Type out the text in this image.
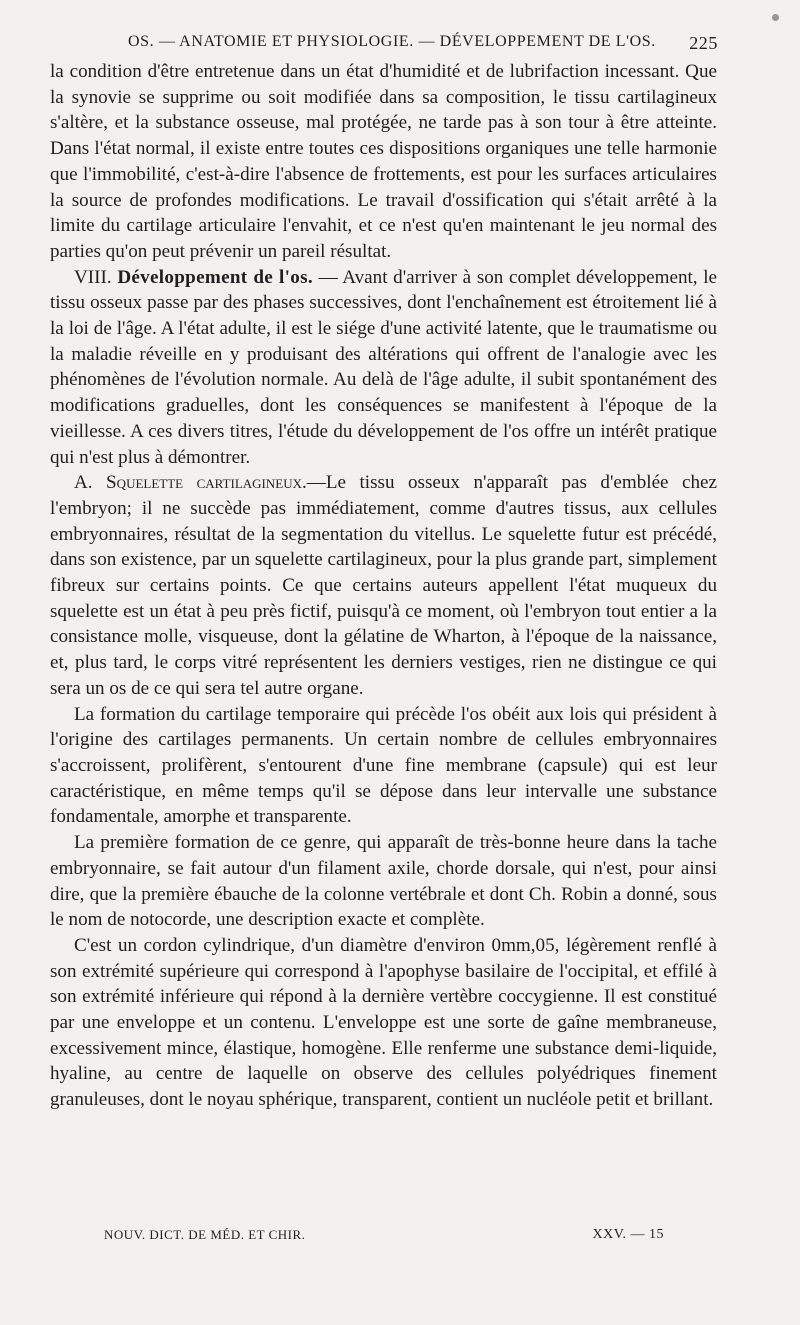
OS. — ANATOMIE ET PHYSIOLOGIE. — DÉVELOPPEMENT DE L'OS. 225

la condition d'être entretenue dans un état d'humidité et de lubrifaction incessant. Que la synovie se supprime ou soit modifiée dans sa composition, le tissu cartilagineux s'altère, et la substance osseuse, mal protégée, ne tarde pas à son tour à être atteinte. Dans l'état normal, il existe entre toutes ces dispositions organiques une telle harmonie que l'immobilité, c'est-à-dire l'absence de frottements, est pour les surfaces articulaires la source de profondes modifications. Le travail d'ossification qui s'était arrêté à la limite du cartilage articulaire l'envahit, et ce n'est qu'en maintenant le jeu normal des parties qu'on peut prévenir un pareil résultat.

VIII. Développement de l'os. — Avant d'arriver à son complet développement, le tissu osseux passe par des phases successives, dont l'enchaînement est étroitement lié à la loi de l'âge. A l'état adulte, il est le siége d'une activité latente, que le traumatisme ou la maladie réveille en y produisant des altérations qui offrent de l'analogie avec les phénomènes de l'évolution normale. Au delà de l'âge adulte, il subit spontanément des modifications graduelles, dont les conséquences se manifestent à l'époque de la vieillesse. A ces divers titres, l'étude du développement de l'os offre un intérêt pratique qui n'est plus à démontrer.

A. Squelette cartilagineux.—Le tissu osseux n'apparaît pas d'emblée chez l'embryon; il ne succède pas immédiatement, comme d'autres tissus, aux cellules embryonnaires, résultat de la segmentation du vitellus. Le squelette futur est précédé, dans son existence, par un squelette cartilagineux, pour la plus grande part, simplement fibreux sur certains points. Ce que certains auteurs appellent l'état muqueux du squelette est un état à peu près fictif, puisqu'à ce moment, où l'embryon tout entier a la consistance molle, visqueuse, dont la gélatine de Wharton, à l'époque de la naissance, et, plus tard, le corps vitré représentent les derniers vestiges, rien ne distingue ce qui sera un os de ce qui sera tel autre organe.

La formation du cartilage temporaire qui précède l'os obéit aux lois qui président à l'origine des cartilages permanents. Un certain nombre de cellules embryonnaires s'accroissent, prolifèrent, s'entourent d'une fine membrane (capsule) qui est leur caractéristique, en même temps qu'il se dépose dans leur intervalle une substance fondamentale, amorphe et transparente.

La première formation de ce genre, qui apparaît de très-bonne heure dans la tache embryonnaire, se fait autour d'un filament axile, chorde dorsale, qui n'est, pour ainsi dire, que la première ébauche de la colonne vertébrale et dont Ch. Robin a donné, sous le nom de notocorde, une description exacte et complète.

C'est un cordon cylindrique, d'un diamètre d'environ 0mm,05, légèrement renflé à son extrémité supérieure qui correspond à l'apophyse basilaire de l'occipital, et effilé à son extrémité inférieure qui répond à la dernière vertèbre coccygienne. Il est constitué par une enveloppe et un contenu. L'enveloppe est une sorte de gaîne membraneuse, excessivement mince, élastique, homogène. Elle renferme une substance demi-liquide, hyaline, au centre de laquelle on observe des cellules polyédriques finement granuleuses, dont le noyau sphérique, transparent, contient un nucléole petit et brillant.

NOUV. DICT. DE MÉD. ET CHIR.	XXV. — 15
